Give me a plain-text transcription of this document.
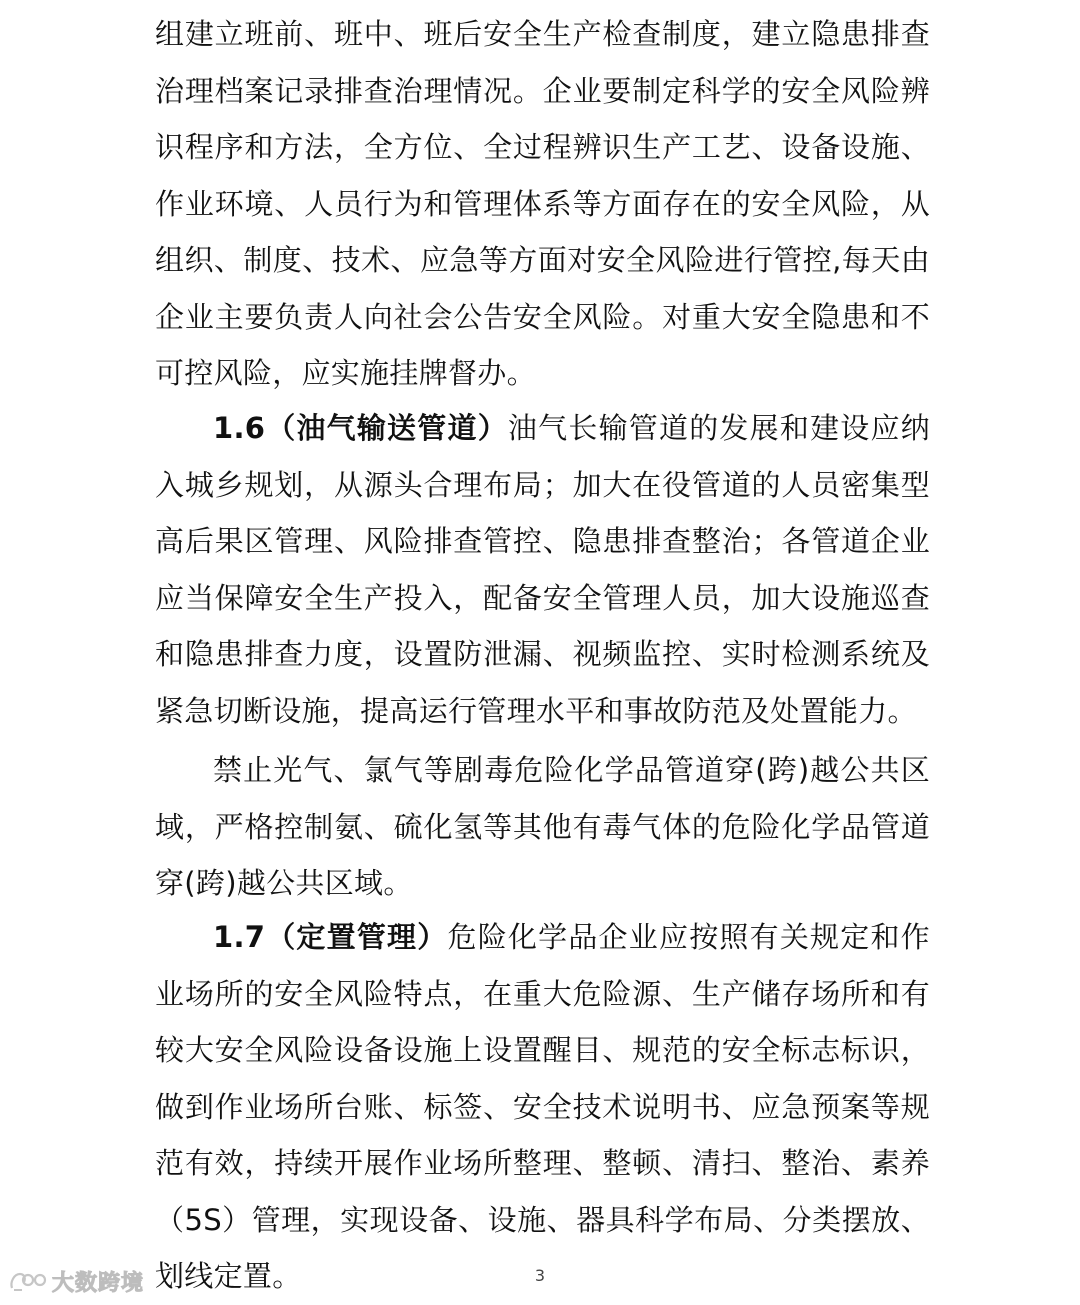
组建立班前、班中、班后安全生产检查制度，建立隐患排查治理档案记录排查治理情况。企业要制定科学的安全风险辨识程序和方法，全方位、全过程辨识生产工艺、设备设施、作业环境、人员行为和管理体系等方面存在的安全风险，从组织、制度、技术、应急等方面对安全风险进行管控,每天由企业主要负责人向社会公告安全风险。对重大安全隐患和不可控风险，应实施挂牌督办。

1.6（油气输送管道）油气长输管道的发展和建设应纳入城乡规划，从源头合理布局；加大在役管道的人员密集型高后果区管理、风险排查管控、隐患排查整治；各管道企业应当保障安全生产投入，配备安全管理人员，加大设施巡查和隐患排查力度，设置防泄漏、视频监控、实时检测系统及紧急切断设施，提高运行管理水平和事故防范及处置能力。

禁止光气、氯气等剧毒危险化学品管道穿(跨)越公共区域，严格控制氨、硫化氢等其他有毒气体的危险化学品管道穿(跨)越公共区域。

1.7（定置管理）危险化学品企业应按照有关规定和作业场所的安全风险特点，在重大危险源、生产储存场所和有较大安全风险设备设施上设置醒目、规范的安全标志标识，做到作业场所台账、标签、安全技术说明书、应急预案等规范有效，持续开展作业场所整理、整顿、清扫、整治、素养（5S）管理，实现设备、设施、器具科学布局、分类摆放、划线定置。

大数跨境	3
